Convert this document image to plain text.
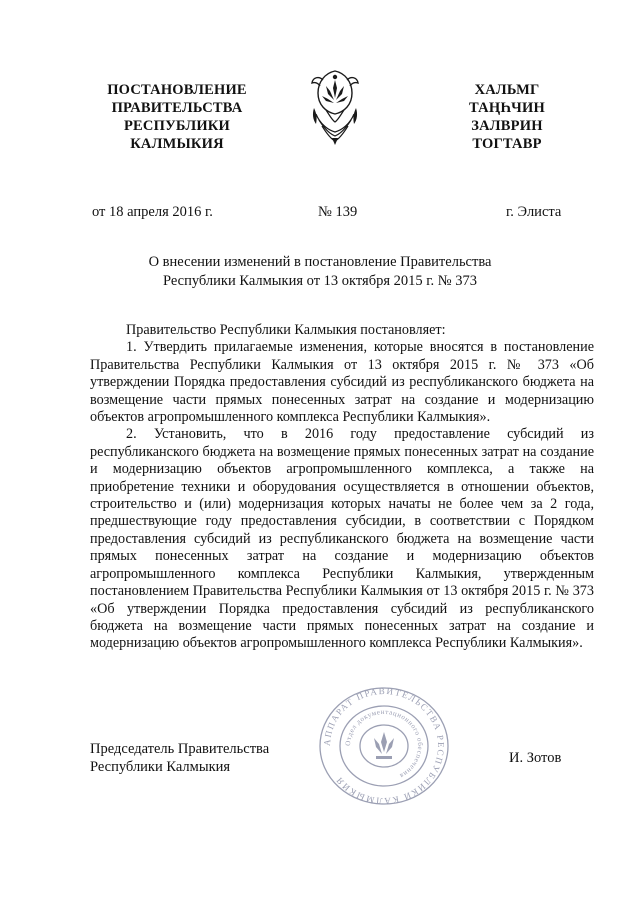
ПОСТАНОВЛЕНИЕ
ПРАВИТЕЛЬСТВА
РЕСПУБЛИКИ
КАЛМЫКИЯ
ХАЛЬМГ
ТАҢҺЧИН
ЗАЛВРИН
ТОГТАВР
от 18 апреля 2016 г.	№ 139	г. Элиста
О внесении изменений в постановление Правительства
Республики Калмыкия от 13 октября 2015 г. № 373

Правительство Республики Калмыкия постановляет:

1. Утвердить прилагаемые изменения, которые вносятся в постановление Правительства Республики Калмыкия от 13 октября 2015 г. № 373 «Об утверждении Порядка предоставления субсидий из республиканского бюджета на возмещение части прямых понесенных затрат на создание и модернизацию объектов агропромышленного комплекса Республики Калмыкия».

2. Установить, что в 2016 году предоставление субсидий из республиканского бюджета на возмещение прямых понесенных затрат на создание и модернизацию объектов агропромышленного комплекса, а также на приобретение техники и оборудования осуществляется в отношении объектов, строительство и (или) модернизация которых начаты не более чем за 2 года, предшествующие году предоставления субсидии, в соответствии с Порядком предоставления субсидий из республиканского бюджета на возмещение части прямых понесенных затрат на создание и модернизацию объектов агропромышленного комплекса Республики Калмыкия, утвержденным постановлением Правительства Республики Калмыкия от 13 октября 2015 г. № 373 «Об утверждении Порядка предоставления субсидий из республиканского бюджета на возмещение части прямых понесенных затрат на создание и модернизацию объектов агропромышленного комплекса Республики Калмыкия».

Председатель Правительства
Республики Калмыкия
АППАРАТ ПРАВИТЕЛЬСТВА РЕСПУБЛИКИ КАЛМЫКИЯ
Отдел документационного обеспечения
И. Зотов
